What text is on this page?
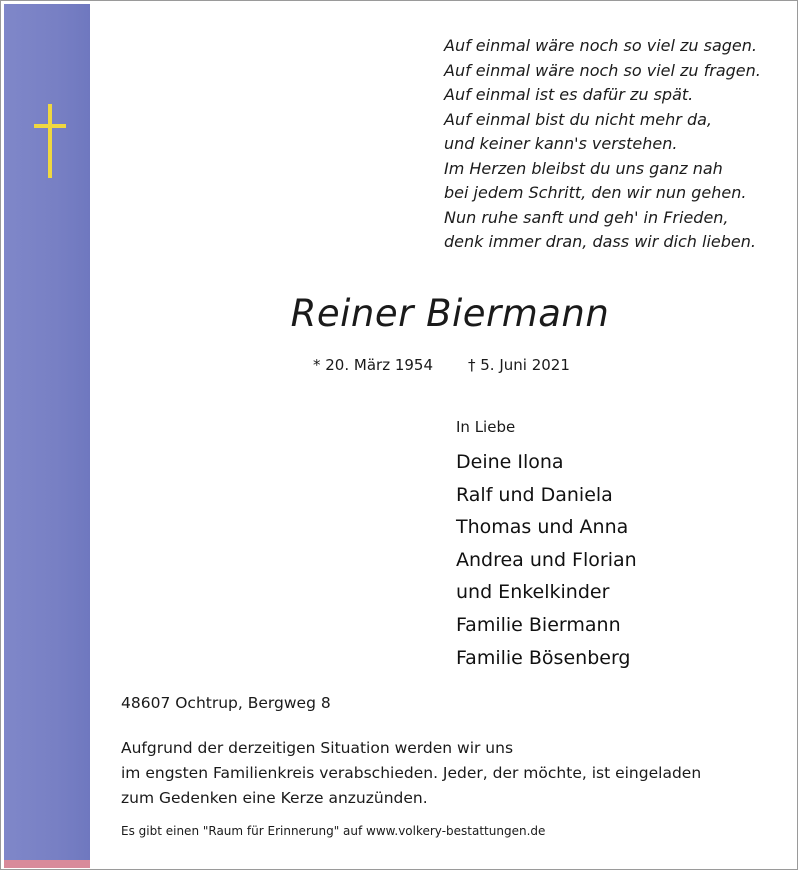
Auf einmal wäre noch so viel zu sagen.
Auf einmal wäre noch so viel zu fragen.
Auf einmal ist es dafür zu spät.
Auf einmal bist du nicht mehr da,
und keiner kann's verstehen.
Im Herzen bleibst du uns ganz nah
bei jedem Schritt, den wir nun gehen.
Nun ruhe sanft und geh' in Frieden,
denk immer dran, dass wir dich lieben.
Reiner Biermann
* 20. März 1954 † 5. Juni 2021
In Liebe
Deine Ilona
Ralf und Daniela
Thomas und Anna
Andrea und Florian
und Enkelkinder
Familie Biermann
Familie Bösenberg
48607 Ochtrup, Bergweg 8
Aufgrund der derzeitigen Situation werden wir uns
im engsten Familienkreis verabschieden. Jeder, der möchte, ist eingeladen
zum Gedenken eine Kerze anzuzünden.
Es gibt einen "Raum für Erinnerung" auf www.volkery-bestattungen.de
